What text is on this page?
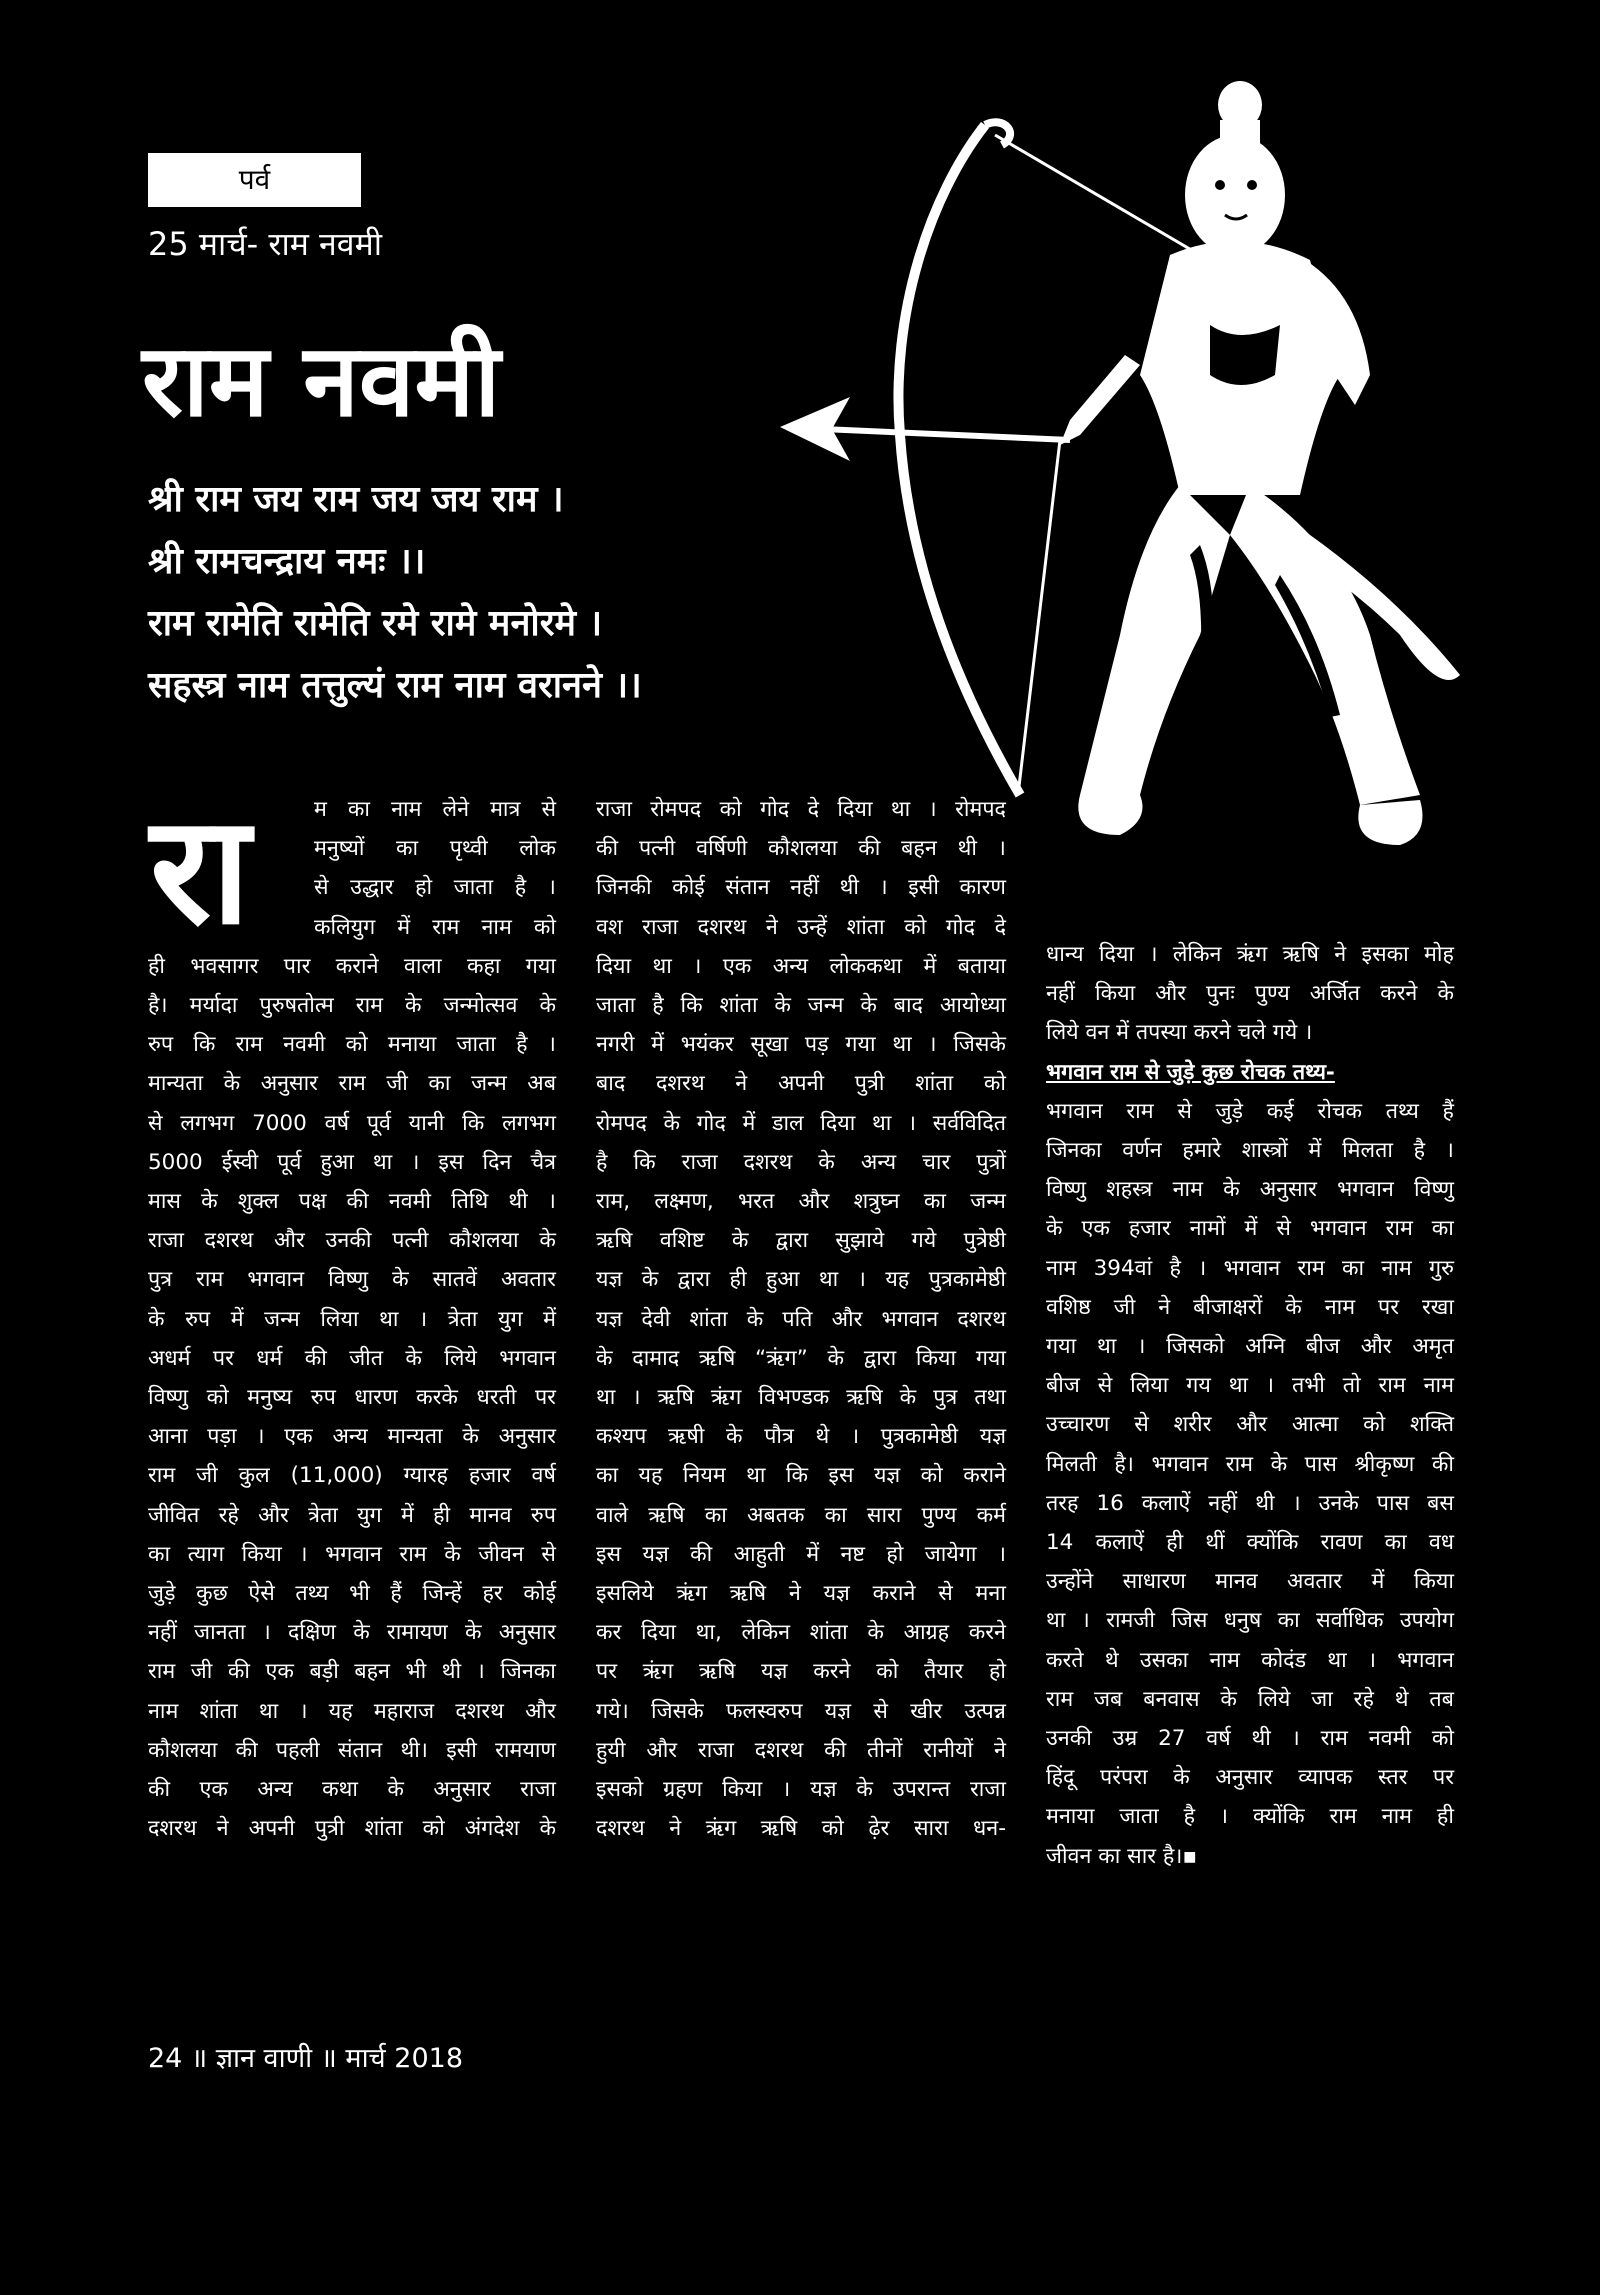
पर्व
25 मार्च- राम नवमी
राम नवमी
श्री राम जय राम जय जय राम ।
श्री रामचन्द्राय नमः ।।
राम रामेति रामेति रमे रामे मनोरमे ।
सहस्त्र नाम तत्तुल्यं राम नाम वरानने ।।
रा	म का नाम लेने मात्र से
मनुष्यों का पृथ्वी लोक
से उद्धार हो जाता है ।
कलियुग में राम नाम को
ही भवसागर पार कराने वाला कहा गया
है। मर्यादा पुरुषतोत्म राम के जन्मोत्सव के
रुप कि राम नवमी को मनाया जाता है ।
मान्यता के अनुसार राम जी का जन्म अब
से लगभग 7000 वर्ष पूर्व यानी कि लगभग
5000 ईस्वी पूर्व हुआ था । इस दिन चैत्र
मास के शुक्ल पक्ष की नवमी तिथि थी ।
राजा दशरथ और उनकी पत्नी कौशलया के
पुत्र राम भगवान विष्णु के सातवें अवतार
के रुप में जन्म लिया था । त्रेता युग में
अधर्म पर धर्म की जीत के लिये भगवान
विष्णु को मनुष्य रुप धारण करके धरती पर
आना पड़ा । एक अन्य मान्यता के अनुसार
राम जी कुल (11,000) ग्यारह हजार वर्ष
जीवित रहे और त्रेता युग में ही मानव रुप
का त्याग किया । भगवान राम के जीवन से
जुड़े कुछ ऐसे तथ्य भी हैं जिन्हें हर कोई
नहीं जानता । दक्षिण के रामायण के अनुसार
राम जी की एक बड़ी बहन भी थी । जिनका
नाम शांता था । यह महाराज दशरथ और
कौशलया की पहली संतान थी। इसी रामयाण
की एक अन्य कथा के अनुसार राजा
दशरथ ने अपनी पुत्री शांता को अंगदेश के
राजा रोमपद को गोद दे दिया था । रोमपद
की पत्नी वर्षिणी कौशलया की बहन थी ।
जिनकी कोई संतान नहीं थी । इसी कारण
वश राजा दशरथ ने उन्हें शांता को गोद दे
दिया था । एक अन्य लोककथा में बताया
जाता है कि शांता के जन्म के बाद आयोध्या
नगरी में भयंकर सूखा पड़ गया था । जिसके
बाद दशरथ ने अपनी पुत्री शांता को
रोमपद के गोद में डाल दिया था । सर्वविदित
है कि राजा दशरथ के अन्य चार पुत्रों
राम, लक्ष्मण, भरत और शत्रुघ्न का जन्म
ऋषि वशिष्ट के द्वारा सुझाये गये पुत्रेष्ठी
यज्ञ के द्वारा ही हुआ था । यह पुत्रकामेष्ठी
यज्ञ देवी शांता के पति और भगवान दशरथ
के दामाद ऋषि “ऋंग” के द्वारा किया गया
था । ऋषि ऋंग विभण्डक ऋषि के पुत्र तथा
कश्यप ऋषी के पौत्र थे । पुत्रकामेष्ठी यज्ञ
का यह नियम था कि इस यज्ञ को कराने
वाले ऋषि का अबतक का सारा पुण्य कर्म
इस यज्ञ की आहुती में नष्ट हो जायेगा ।
इसलिये ऋंग ऋषि ने यज्ञ कराने से मना
कर दिया था, लेकिन शांता के आग्रह करने
पर ऋंग ऋषि यज्ञ करने को तैयार हो
गये। जिसके फलस्वरुप यज्ञ से खीर उत्पन्न
हुयी और राजा दशरथ की तीनों रानीयों ने
इसको ग्रहण किया । यज्ञ के उपरान्त राजा
दशरथ ने ऋंग ऋषि को ढ़ेर सारा धन-
धान्य दिया । लेकिन ऋंग ऋषि ने इसका मोह
नहीं किया और पुनः पुण्य अर्जित करने के
लिये वन में तपस्या करने चले गये ।
भगवान राम से जुड़े कुछ रोचक तथ्य-
भगवान राम से जुड़े कई रोचक तथ्य हैं
जिनका वर्णन हमारे शास्त्रों में मिलता है ।
विष्णु शहस्त्र नाम के अनुसार भगवान विष्णु
के एक हजार नामों में से भगवान राम का
नाम 394वां है । भगवान राम का नाम गुरु
वशिष्ठ जी ने बीजाक्षरों के नाम पर रखा
गया था । जिसको अग्नि बीज और अमृत
बीज से लिया गय था । तभी तो राम नाम
उच्चारण से शरीर और आत्मा को शक्ति
मिलती है। भगवान राम के पास श्रीकृष्ण की
तरह 16 कलाऐं नहीं थी । उनके पास बस
14 कलाऐं ही थीं क्योंकि रावण का वध
उन्होंने साधारण मानव अवतार में किया
था । रामजी जिस धनुष का सर्वाधिक उपयोग
करते थे उसका नाम कोदंड था । भगवान
राम जब बनवास के लिये जा रहे थे तब
उनकी उम्र 27 वर्ष थी । राम नवमी को
हिंदू परंपरा के अनुसार व्यापक स्तर पर
मनाया जाता है । क्योंकि राम नाम ही
जीवन का सार है।▪
24 ॥ ज्ञान वाणी ॥ मार्च 2018
